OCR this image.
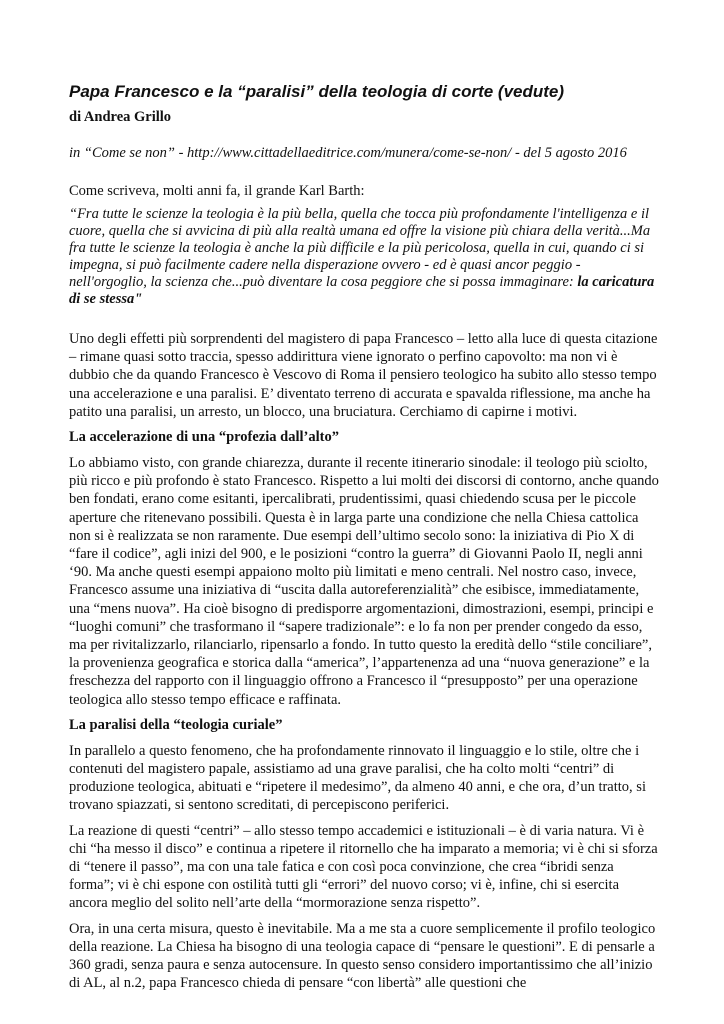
Papa Francesco e la “paralisi” della teologia di corte (vedute)

di Andrea Grillo

in “Come se non” - http://www.cittadellaeditrice.com/munera/come-se-non/ - del 5 agosto 2016

Come scriveva, molti anni fa, il grande Karl Barth:

“Fra tutte le scienze la teologia è la più bella, quella che tocca più profondamente l'intelligenza e il cuore, quella che si avvicina di più alla realtà umana ed offre la visione più chiara della verità...Ma fra tutte le scienze la teologia è anche la più difficile e la più pericolosa, quella in cui, quando ci si impegna, si può facilmente cadere nella disperazione ovvero - ed è quasi ancor peggio - nell'orgoglio, la scienza che...può diventare la cosa peggiore che si possa immaginare: la caricatura di se stessa"

Uno degli effetti più sorprendenti del magistero di papa Francesco – letto alla luce di questa citazione – rimane quasi sotto traccia, spesso addirittura viene ignorato o perfino capovolto: ma non vi è dubbio che da quando Francesco è Vescovo di Roma il pensiero teologico ha subito allo stesso tempo una accelerazione e una paralisi. E’ diventato terreno di accurata e spavalda riflessione, ma anche ha patito una paralisi, un arresto, un blocco, una bruciatura. Cerchiamo di capirne i motivi.

La accelerazione di una “profezia dall’alto”

Lo abbiamo visto, con grande chiarezza, durante il recente itinerario sinodale: il teologo più sciolto, più ricco e più profondo è stato Francesco. Rispetto a lui molti dei discorsi di contorno, anche quando ben fondati, erano come esitanti, ipercalibrati, prudentissimi, quasi chiedendo scusa per le piccole aperture che ritenevano possibili. Questa è in larga parte una condizione che nella Chiesa cattolica non si è realizzata se non raramente. Due esempi dell’ultimo secolo sono: la iniziativa di Pio X di “fare il codice”, agli inizi del 900, e le posizioni “contro la guerra” di Giovanni Paolo II, negli anni ‘90. Ma anche questi esempi appaiono molto più limitati e meno centrali. Nel nostro caso, invece, Francesco assume una iniziativa di “uscita dalla autoreferenzialità” che esibisce, immediatamente, una “mens nuova”. Ha cioè bisogno di predisporre argomentazioni, dimostrazioni, esempi, principi e “luoghi comuni” che trasformano il “sapere tradizionale”: e lo fa non per prender congedo da esso, ma per rivitalizzarlo, rilanciarlo, ripensarlo a fondo. In tutto questo la eredità dello “stile conciliare”, la provenienza geografica e storica dalla “america”, l’appartenenza ad una “nuova generazione” e la freschezza del rapporto con il linguaggio offrono a Francesco il “presupposto” per una operazione teologica allo stesso tempo efficace e raffinata.

La paralisi della “teologia curiale”

In parallelo a questo fenomeno, che ha profondamente rinnovato il linguaggio e lo stile, oltre che i contenuti del magistero papale, assistiamo ad una grave paralisi, che ha colto molti “centri” di produzione teologica, abituati e “ripetere il medesimo”, da almeno 40 anni, e che ora, d’un tratto, si trovano spiazzati, si sentono screditati, di percepiscono periferici.

La reazione di questi “centri” – allo stesso tempo accademici e istituzionali – è di varia natura. Vi è chi “ha messo il disco” e continua a ripetere il ritornello che ha imparato a memoria; vi è chi si sforza di “tenere il passo”, ma con una tale fatica e con così poca convinzione, che crea “ibridi senza forma”; vi è chi espone con ostilità tutti gli “errori” del nuovo corso; vi è, infine, chi si esercita ancora meglio del solito nell’arte della “mormorazione senza rispetto”.

Ora, in una certa misura, questo è inevitabile. Ma a me sta a cuore semplicemente il profilo teologico della reazione. La Chiesa ha bisogno di una teologia capace di “pensare le questioni”. E di pensarle a 360 gradi, senza paura e senza autocensure. In questo senso considero importantissimo che all’inizio di AL, al n.2, papa Francesco chieda di pensare “con libertà” alle questioni che
